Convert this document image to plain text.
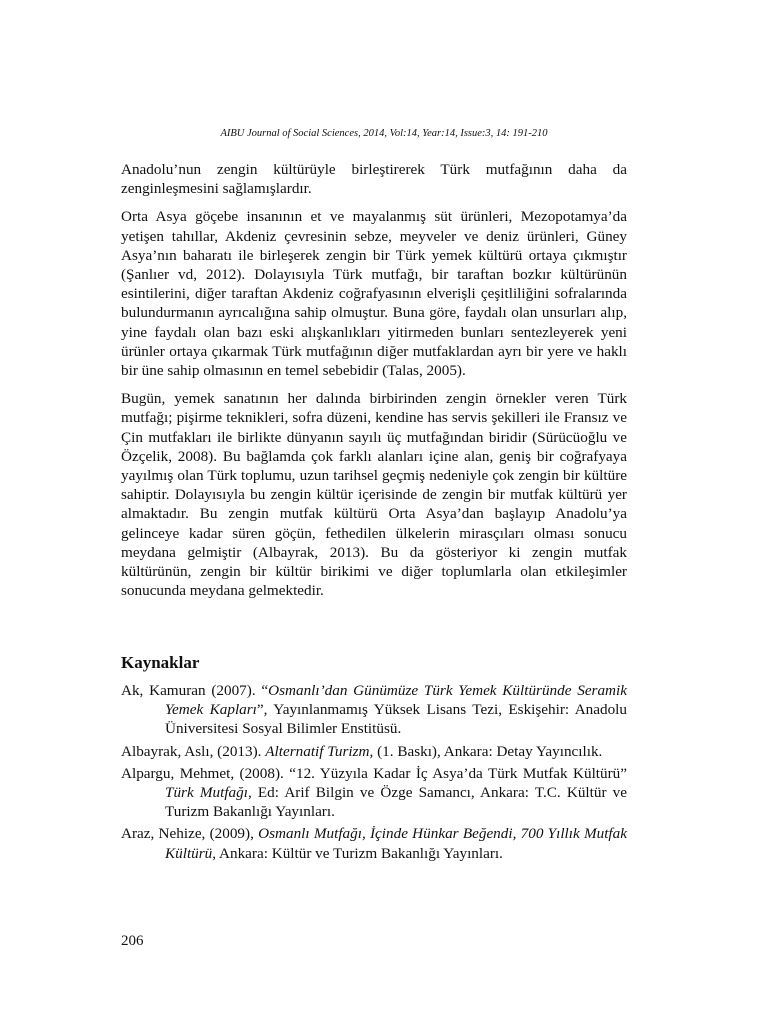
AIBU Journal of Social Sciences, 2014, Vol:14, Year:14, Issue:3, 14: 191-210

Anadolu’nun zengin kültürüyle birleştirerek Türk mutfağının daha da zenginleşmesini sağlamışlardır.

Orta Asya göçebe insanının et ve mayalanmış süt ürünleri, Mezopotamya’da yetişen tahıllar, Akdeniz çevresinin sebze, meyveler ve deniz ürünleri, Güney Asya’nın baharatı ile birleşerek zengin bir Türk yemek kültürü ortaya çıkmıştır (Şanlıer vd, 2012). Dolayısıyla Türk mutfağı, bir taraftan bozkır kültürünün esintilerini, diğer taraftan Akdeniz coğrafyasının elverişli çeşitliliğini sofralarında bulundurmanın ayrıcalığına sahip olmuştur. Buna göre, faydalı olan unsurları alıp, yine faydalı olan bazı eski alışkanlıkları yitirmeden bunları sentezleyerek yeni ürünler ortaya çıkarmak Türk mutfağının diğer mutfaklardan ayrı bir yere ve haklı bir üne sahip olmasının en temel sebebidir (Talas, 2005).

Bugün, yemek sanatının her dalında birbirinden zengin örnekler veren Türk mutfağı; pişirme teknikleri, sofra düzeni, kendine has servis şekilleri ile Fransız ve Çin mutfakları ile birlikte dünyanın sayılı üç mutfağından biridir (Sürücüoğlu ve Özçelik, 2008). Bu bağlamda çok farklı alanları içine alan, geniş bir coğrafyaya yayılmış olan Türk toplumu, uzun tarihsel geçmiş nedeniyle çok zengin bir kültüre sahiptir. Dolayısıyla bu zengin kültür içerisinde de zengin bir mutfak kültürü yer almaktadır. Bu zengin mutfak kültürü Orta Asya’dan başlayıp Anadolu’ya gelinceye kadar süren göçün, fethedilen ülkelerin mirasçıları olması sonucu meydana gelmiştir (Albayrak, 2013). Bu da gösteriyor ki zengin mutfak kültürünün, zengin bir kültür birikimi ve diğer toplumlarla olan etkileşimler sonucunda meydana gelmektedir.

Kaynaklar
Ak, Kamuran (2007). “Osmanlı’dan Günümüze Türk Yemek Kültüründe Seramik Yemek Kapları”, Yayınlanmamış Yüksek Lisans Tezi, Eskişehir: Anadolu Üniversitesi Sosyal Bilimler Enstitüsü.
Albayrak, Aslı, (2013). Alternatif Turizm, (1. Baskı), Ankara: Detay Yayıncılık.
Alpargu, Mehmet, (2008). “12. Yüzyıla Kadar İç Asya’da Türk Mutfak Kültürü” Türk Mutfağı, Ed: Arif Bilgin ve Özge Samancı, Ankara: T.C. Kültür ve Turizm Bakanlığı Yayınları.
Araz, Nehize, (2009), Osmanlı Mutfağı, İçinde Hünkar Beğendi, 700 Yıllık Mutfak Kültürü, Ankara: Kültür ve Turizm Bakanlığı Yayınları.
206
